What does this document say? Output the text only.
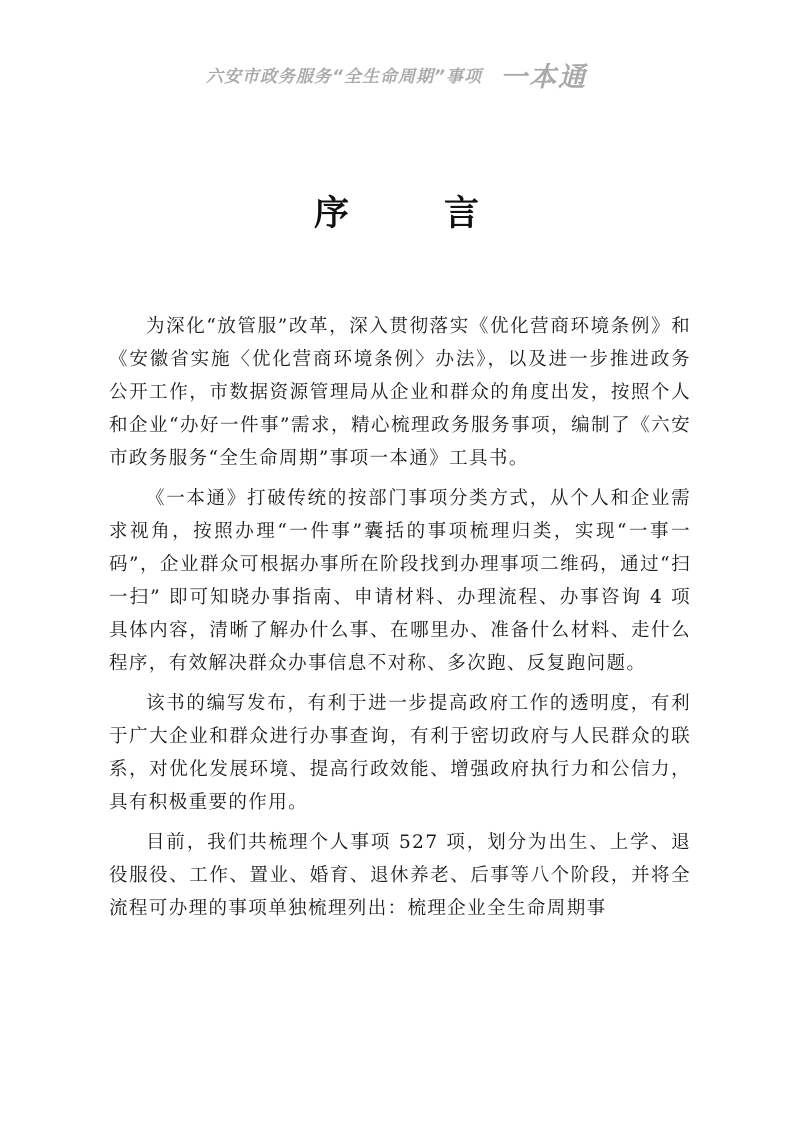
六安市政务服务“全生命周期”事项 一本通
序　言

为深化“放管服”改革，深入贯彻落实《优化营商环境条例》和《安徽省实施〈优化营商环境条例〉办法》，以及进一步推进政务公开工作，市数据资源管理局从企业和群众的角度出发，按照个人和企业“办好一件事”需求，精心梳理政务服务事项，编制了《六安市政务服务“全生命周期”事项一本通》工具书。

《一本通》打破传统的按部门事项分类方式，从个人和企业需求视角，按照办理“一件事”囊括的事项梳理归类，实现“一事一码”，企业群众可根据办事所在阶段找到办理事项二维码，通过“扫一扫” 即可知晓办事指南、申请材料、办理流程、办事咨询 4 项具体内容，清晰了解办什么事、在哪里办、准备什么材料、走什么程序，有效解决群众办事信息不对称、多次跑、反复跑问题。

该书的编写发布，有利于进一步提高政府工作的透明度，有利于广大企业和群众进行办事查询，有利于密切政府与人民群众的联系，对优化发展环境、提高行政效能、增强政府执行力和公信力，具有积极重要的作用。

目前，我们共梳理个人事项 527 项，划分为出生、上学、退役服役、工作、置业、婚育、退休养老、后事等八个阶段，并将全流程可办理的事项单独梳理列出：梳理企业全生命周期事
